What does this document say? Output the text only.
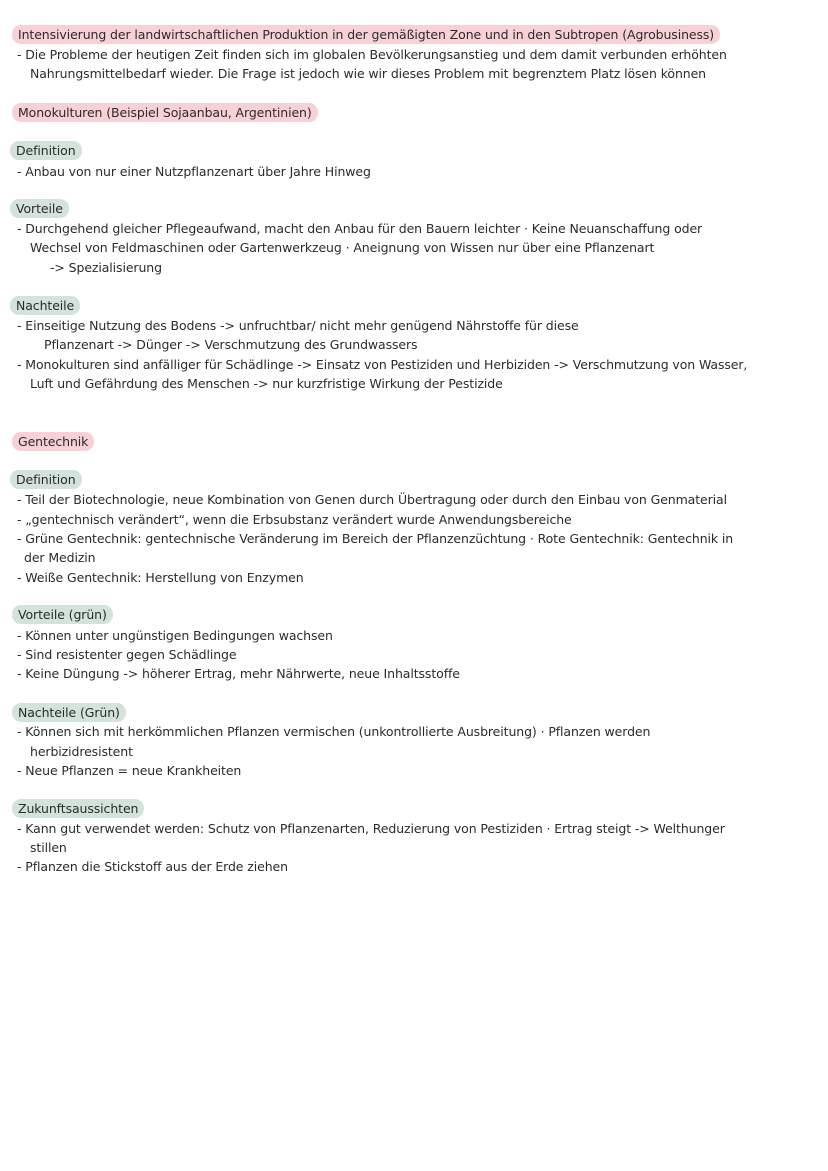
Intensivierung der landwirtschaftlichen Produktion in der gemäßigten Zone und in den Subtropen (Agrobusiness)
- Die Probleme der heutigen Zeit finden sich im globalen Bevölkerungsanstieg und dem damit verbunden erhöhten
Nahrungsmittelbedarf wieder. Die Frage ist jedoch wie wir dieses Problem mit begrenztem Platz lösen können
Monokulturen (Beispiel Sojaanbau, Argentinien)
Definition
- Anbau von nur einer Nutzpflanzenart über Jahre Hinweg
Vorteile
- Durchgehend gleicher Pflegeaufwand, macht den Anbau für den Bauern leichter · Keine Neuanschaffung oder
Wechsel von Feldmaschinen oder Gartenwerkzeug · Aneignung von Wissen nur über eine Pflanzenart
-> Spezialisierung
Nachteile
- Einseitige Nutzung des Bodens -> unfruchtbar/ nicht mehr genügend Nährstoffe für diese
Pflanzenart -> Dünger -> Verschmutzung des Grundwassers
- Monokulturen sind anfälliger für Schädlinge -> Einsatz von Pestiziden und Herbiziden -> Verschmutzung von Wasser,
Luft und Gefährdung des Menschen -> nur kurzfristige Wirkung der Pestizide
Gentechnik
Definition
- Teil der Biotechnologie, neue Kombination von Genen durch Übertragung oder durch den Einbau von Genmaterial
- „gentechnisch verändert“, wenn die Erbsubstanz verändert wurde Anwendungsbereiche
- Grüne Gentechnik: gentechnische Veränderung im Bereich der Pflanzenzüchtung · Rote Gentechnik: Gentechnik in
der Medizin
- Weiße Gentechnik: Herstellung von Enzymen
Vorteile (grün)
- Können unter ungünstigen Bedingungen wachsen
- Sind resistenter gegen Schädlinge
- Keine Düngung -> höherer Ertrag, mehr Nährwerte, neue Inhaltsstoffe
Nachteile (Grün)
- Können sich mit herkömmlichen Pflanzen vermischen (unkontrollierte Ausbreitung) · Pflanzen werden
herbizidresistent
- Neue Pflanzen = neue Krankheiten
Zukunftsaussichten
- Kann gut verwendet werden: Schutz von Pflanzenarten, Reduzierung von Pestiziden · Ertrag steigt -> Welthunger
stillen
- Pflanzen die Stickstoff aus der Erde ziehen
